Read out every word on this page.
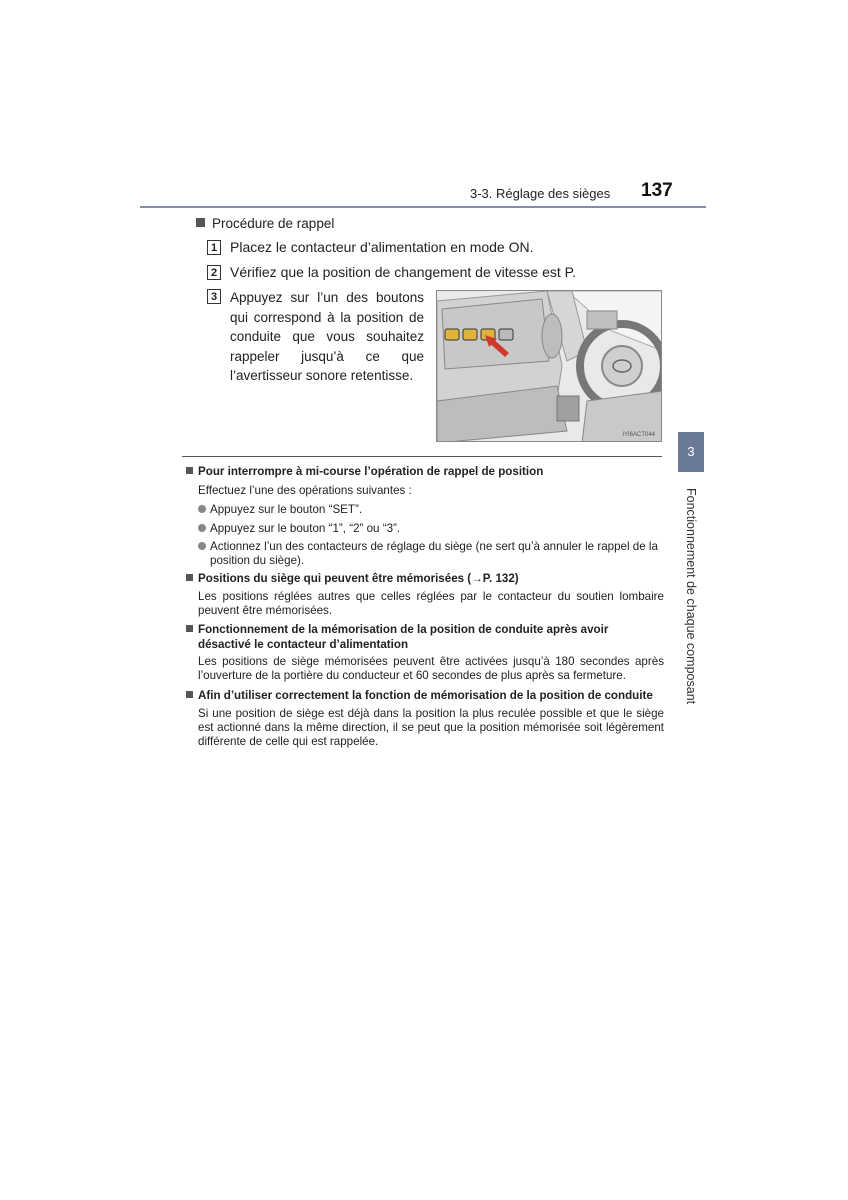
3-3. Réglage des sièges 137
Procédure de rappel
1 Placez le contacteur d’alimentation en mode ON.
2 Vérifiez que la position de changement de vitesse est P.
3 Appuyez sur l’un des boutons qui correspond à la position de conduite que vous souhaitez rappeler jusqu’à ce que l’avertisseur sonore retentisse.
IYI6ACT044
Pour interrompre à mi-course l’opération de rappel de position
Effectuez l’une des opérations suivantes :
Appuyez sur le bouton “SET”.
Appuyez sur le bouton “1”, “2” ou “3”.
Actionnez l’un des contacteurs de réglage du siège (ne sert qu’à annuler le rappel de la position du siège).
Positions du siège qui peuvent être mémorisées (→P. 132)
Les positions réglées autres que celles réglées par le contacteur du soutien lombaire peuvent être mémorisées.
Fonctionnement de la mémorisation de la position de conduite après avoir désactivé le contacteur d’alimentation
Les positions de siège mémorisées peuvent être activées jusqu’à 180 secondes après l’ouverture de la portière du conducteur et 60 secondes de plus après sa fermeture.
Afin d’utiliser correctement la fonction de mémorisation de la position de conduite
Si une position de siège est déjà dans la position la plus reculée possible et que le siège est actionné dans la même direction, il se peut que la position mémorisée soit légèrement différente de celle qui est rappelée.
3
Fonctionnement de chaque composant
